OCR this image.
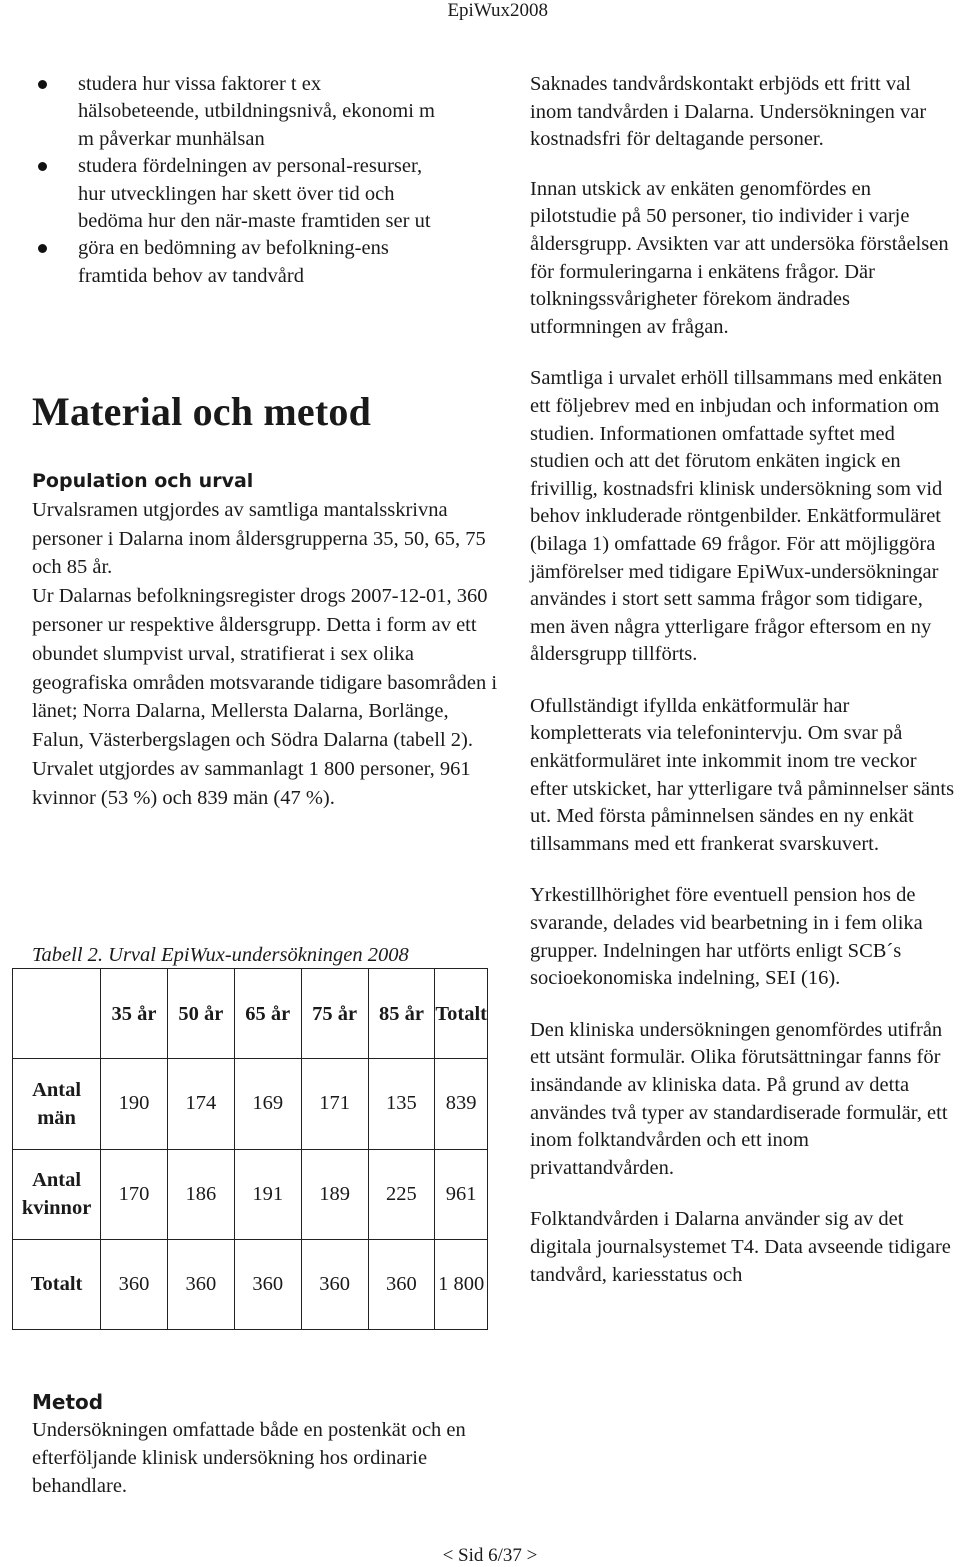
EpiWux2008
studera hur vissa faktorer t ex hälsobeteende, utbildningsnivå, ekonomi m m påverkar munhälsan
studera fördelningen av personal-resurser, hur utvecklingen har skett över tid och bedöma hur den när-maste framtiden ser ut
göra en bedömning av befolkning-ens framtida behov av tandvård
Material och metod

Population och urval

Urvalsramen utgjordes av samtliga mantalsskrivna personer i Dalarna inom åldersgrupperna 35, 50, 65, 75 och 85 år.

Ur Dalarnas befolkningsregister drogs 2007-12-01, 360 personer ur respektive åldersgrupp. Detta i form av ett obundet slumpvist urval, stratifierat i sex olika geografiska områden motsvarande tidigare basområden i länet; Norra Dalarna, Mellersta Dalarna, Borlänge, Falun, Västerbergslagen och Södra Dalarna (tabell 2). Urvalet utgjordes av sammanlagt 1 800 personer, 961 kvinnor (53 %) och 839 män (47 %).

Tabell 2. Urval EpiWux-undersökningen 2008
	35 år	50 år	65 år	75 år	85 år	Totalt
Antal män	190	174	169	171	135	839
Antal kvinnor	170	186	191	189	225	961
Totalt	360	360	360	360	360	1 800

Metod

Undersökningen omfattade både en postenkät och en efterföljande klinisk undersökning hos ordinarie behandlare.

Saknades tandvårdskontakt erbjöds ett fritt val inom tandvården i Dalarna. Undersökningen var kostnadsfri för deltagande personer.

Innan utskick av enkäten genomfördes en pilotstudie på 50 personer, tio individer i varje åldersgrupp. Avsikten var att undersöka förståelsen för formuleringarna i enkätens frågor. Där tolkningssvårigheter förekom ändrades utformningen av frågan.

Samtliga i urvalet erhöll tillsammans med enkäten ett följebrev med en inbjudan och information om studien. Informationen omfattade syftet med studien och att det förutom enkäten ingick en frivillig, kostnadsfri klinisk undersökning som vid behov inkluderade röntgenbilder. Enkätformuläret (bilaga 1) omfattade 69 frågor. För att möjliggöra jämförelser med tidigare EpiWux-undersökningar användes i stort sett samma frågor som tidigare, men även några ytterligare frågor eftersom en ny åldersgrupp tillförts.

Ofullständigt ifyllda enkätformulär har kompletterats via telefonintervju. Om svar på enkätformuläret inte inkommit inom tre veckor efter utskicket, har ytterligare två påminnelser sänts ut. Med första påminnelsen sändes en ny enkät tillsammans med ett frankerat svarskuvert.

Yrkestillhörighet före eventuell pension hos de svarande, delades vid bearbetning in i fem olika grupper. Indelningen har utförts enligt SCB´s socioekonomiska indelning, SEI (16).

Den kliniska undersökningen genomfördes utifrån ett utsänt formulär. Olika förutsättningar fanns för insändande av kliniska data. På grund av detta användes två typer av standardiserade formulär, ett inom folktandvården och ett inom privattandvården.

Folktandvården i Dalarna använder sig av det digitala journalsystemet T4. Data avseende tidigare tandvård, kariesstatus och

< Sid 6/37 >
